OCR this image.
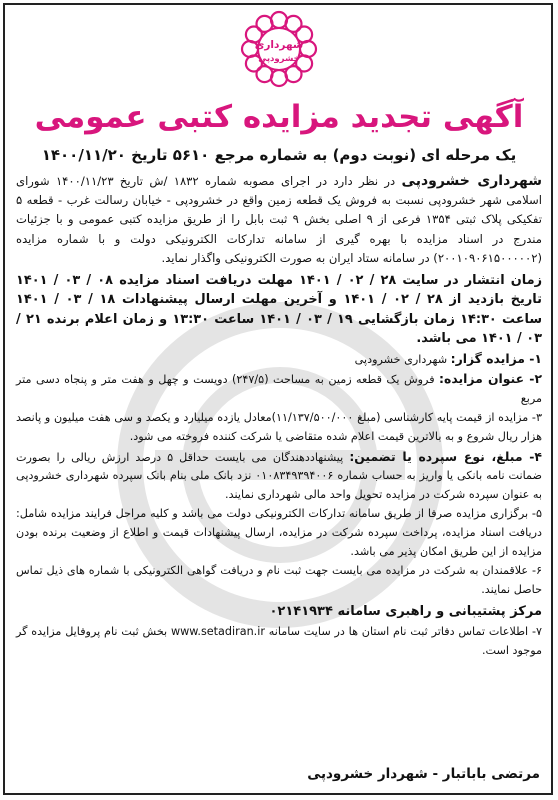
شهرداری
خشرودپی
آگهی تجدید مزایده کتبی عمومی
یک مرحله ای (نوبت دوم) به شماره مرجع ۵۶۱۰ تاریخ ۱۴۰۰/۱۱/۲۰

شهرداری خشرودپی در نظر دارد در اجرای مصوبه شماره ۱۸۳۲ /ش تاریخ ۱۴۰۰/۱۱/۲۳ شورای اسلامی شهر خشرودپی نسبت به فروش یک قطعه زمین واقع در خشرودپی - خیابان رسالت غرب - قطعه ۵ تفکیکی پلاک ثبتی ۱۳۵۴ فرعی از ۹ اصلی بخش ۹ ثبت بابل را از طریق مزایده کتبی عمومی و با جزئیات مندرج در اسناد مزایده با بهره گیری از سامانه تدارکات الکترونیکی دولت و با شماره مزایده (۲۰۰۱۰۹۰۶۱۵۰۰۰۰۰۲) در سامانه ستاد ایران به صورت الکترونیکی واگذار نماید.

زمان انتشار در سایت ۲۸ / ۰۲ / ۱۴۰۱ مهلت دریافت اسناد مزایده ۰۸ / ۰۳ / ۱۴۰۱ تاریخ بازدید از ۲۸ / ۰۲ / ۱۴۰۱ و آخرین مهلت ارسال پیشنهادات ۱۸ / ۰۳ / ۱۴۰۱ ساعت ۱۴:۳۰ زمان بازگشایی ۱۹ / ۰۳ / ۱۴۰۱ ساعت ۱۳:۳۰ و زمان اعلام برنده ۲۱ / ۰۳ / ۱۴۰۱ می باشد.

۱- مزایده گزار: شهرداری خشرودپی

۲- عنوان مزایده: فروش یک قطعه زمین به مساحت (۲۴۷/۵) دویست و چهل و هفت متر و پنجاه دسی متر مربع

۳- مزایده از قیمت پایه کارشناسی (مبلغ ۱۱/۱۳۷/۵۰۰/۰۰۰)معادل یازده میلیارد و یکصد و سی هفت میلیون و پانصد هزار ریال شروع و به بالاترین قیمت اعلام شده متقاضی یا شرکت کننده فروخته می شود.

۴- مبلغ، نوع سپرده یا تضمین: پیشنهاددهندگان می بایست حداقل ۵ درصد ارزش ریالی را بصورت ضمانت نامه بانکی یا واریز به حساب شماره ۰۱۰۸۳۴۹۳۹۴۰۰۶ نزد بانک ملی بنام بانک سپرده شهرداری خشرودپی به عنوان سپرده شرکت در مزایده تحویل واحد مالی شهرداری نمایند.

۵- برگزاری مزایده صرفا از طریق سامانه تدارکات الکترونیکی دولت می باشد و کلیه مراحل فرایند مزایده شامل: دریافت اسناد مزایده، پرداخت سپرده شرکت در مزایده، ارسال پیشنهادات قیمت و اطلاع از وضعیت برنده بودن مزایده از این طریق امکان پذیر می باشد.

۶- علاقمندان به شرکت در مزایده می بایست جهت ثبت نام و دریافت گواهی الکترونیکی با شماره های ذیل تماس حاصل نمایند.

مرکز پشتیبانی و راهبری سامانه ۰۲۱۴۱۹۳۴

۷- اطلاعات تماس دفاتر ثبت نام استان ها در سایت سامانه www.setadiran.ir بخش ثبت نام پروفایل مزایده گر موجود است.

مرتضی باباتبار - شهردار خشرودپی
